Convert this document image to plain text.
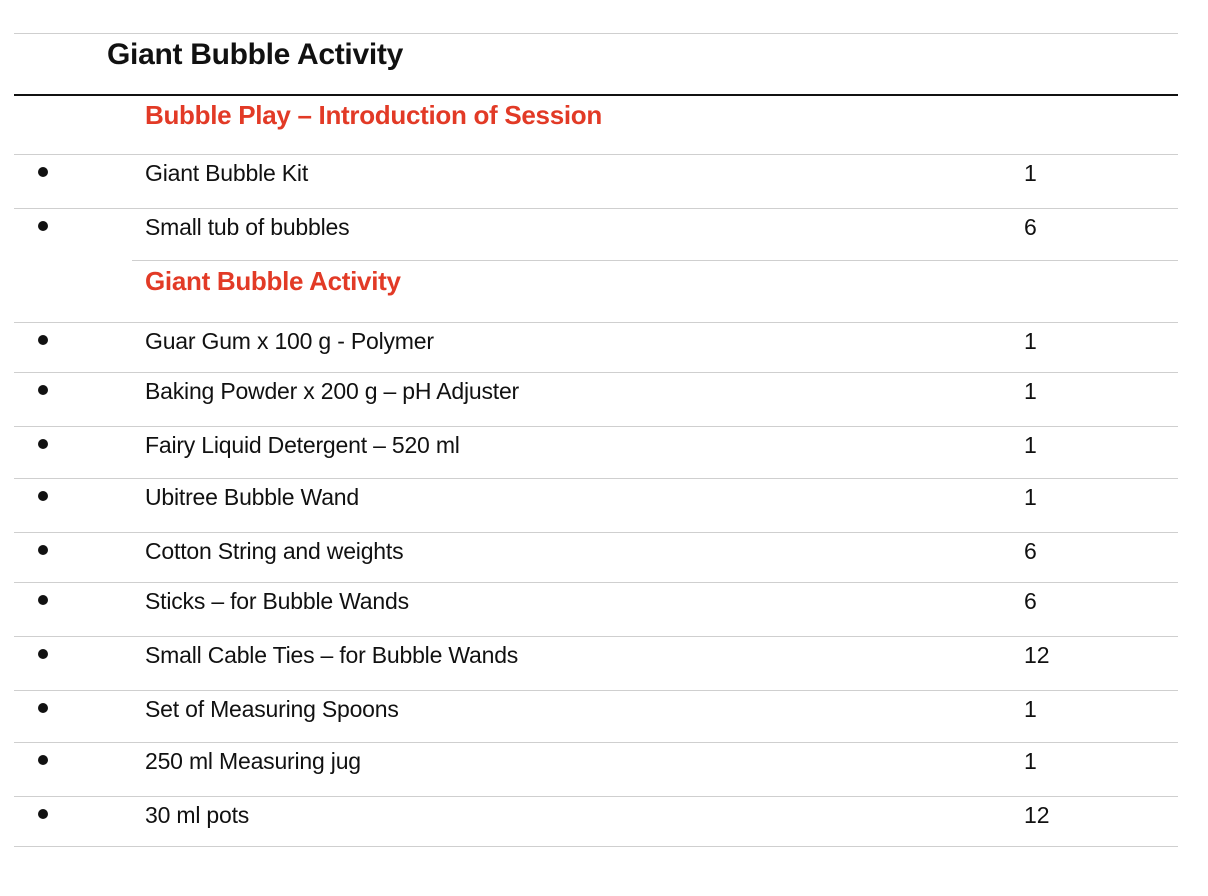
Giant Bubble Activity
Bubble Play – Introduction of Session
Giant Bubble Kit	1
Small tub of bubbles	6
Giant Bubble Activity
Guar Gum x 100 g - Polymer	1
Baking Powder x 200 g – pH Adjuster	1
Fairy Liquid Detergent – 520 ml	1
Ubitree Bubble Wand	1
Cotton String and weights	6
Sticks – for Bubble Wands	6
Small Cable Ties – for Bubble Wands	12
Set of Measuring Spoons	1
250 ml Measuring jug	1
30 ml pots	12
